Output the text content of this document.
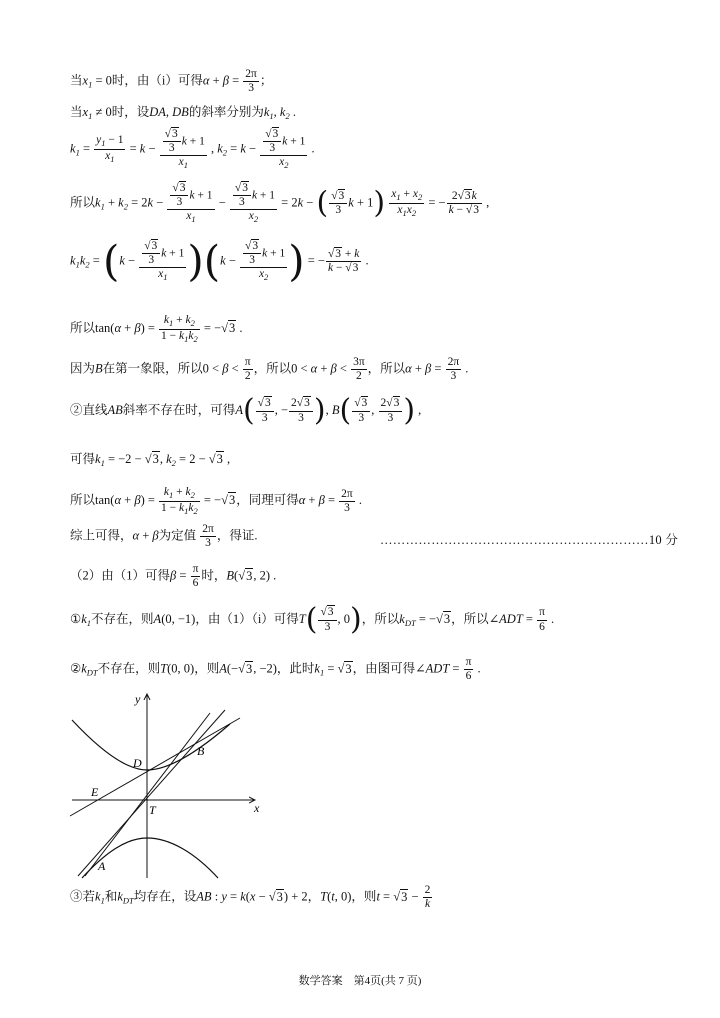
当$x_1 = 0$时，由（i）可得$\alpha + \beta = \frac{2\pi}{3}$ ；
当$x_1 \ne 0$时，设DA, DB的斜率分别为$k_1$, $k_2$ .
$k_1 = \frac{y_1 - 1}{x_1} = k - \frac{\frac{√3}{3} k + 1}{x_1}$ , $k_2 = k - \frac{\frac{√3}{3} k + 1}{x_2}$ .
所以$k_1 + k_2 = 2k - \frac{\frac{√3}{3} k + 1}{x_1} - \frac{\frac{√3}{3} k + 1}{x_2} = 2k$ − ( $\frac{√3}{3}$ $k + 1) \frac{x_1 + x_2}{x_1x_2}$ = − $\frac{2√3k}{k - √3}$ ,
$k_1k_2 = (k - \frac{\frac{√3}{3} k + 1}{x_1} )(k - \frac{\frac{√3}{3} k + 1}{x_2}$ ) = − $\frac{√3 + k}{k - √3}$ .
所以$\tan(\alpha + \beta) = \frac{k_1 + k_2}{1 - k_1k_2} = -√3$ .
因为B在第一象限，所以$0 < \beta < \frac{\pi}{2}$ ，所以$0 < \alpha + \beta < \frac{3\pi}{2}$ ，所以$\alpha + \beta = \frac{2\pi}{3}$ .
②直线AB斜率不存在时，可得$A( \frac{√3}{3}$ , − $\frac{2√3}{3}$ ), $B( \frac{√3}{3}$ , $\frac{2√3}{3}$ ) ,
可得$k_1 = -2 - √3$, $k_2 = 2 - √3$ ,
所以$\tan(\alpha + \beta) = \frac{k_1 + k_2}{1 - k_1k_2} = -√3$，同理可得$\alpha + \beta = \frac{2\pi}{3}$ .
综上可得，α + β为定值 $\frac{2\pi}{3}$ ，得证.	………………………………………………………10 分
（2）由（1）可得$\beta = \frac{\pi}{6}$ 时，B(√3, 2) .
$①k_1$不存在，则A(0, −1)，由（1）（i）可得$T( \frac{√3}{3}$ , 0)，所以$k_{DT} = -√3$，所以∠ADT = $\frac{\pi}{6}$ .
$②k_{DT}$不存在，则T(0, 0)，则A(−√3, −2)，此时$k_1 = √3$，由图可得∠ADT = $\frac{\pi}{6}$ .
y
x
D
B
E
T
A
③若$k_1$和$k_{DT}$均存在，设AB : y = k(x − √3) + 2，T(t, 0)，则$t = √3 - \frac{2}{k}$
数学答案　第4页(共 7 页)
